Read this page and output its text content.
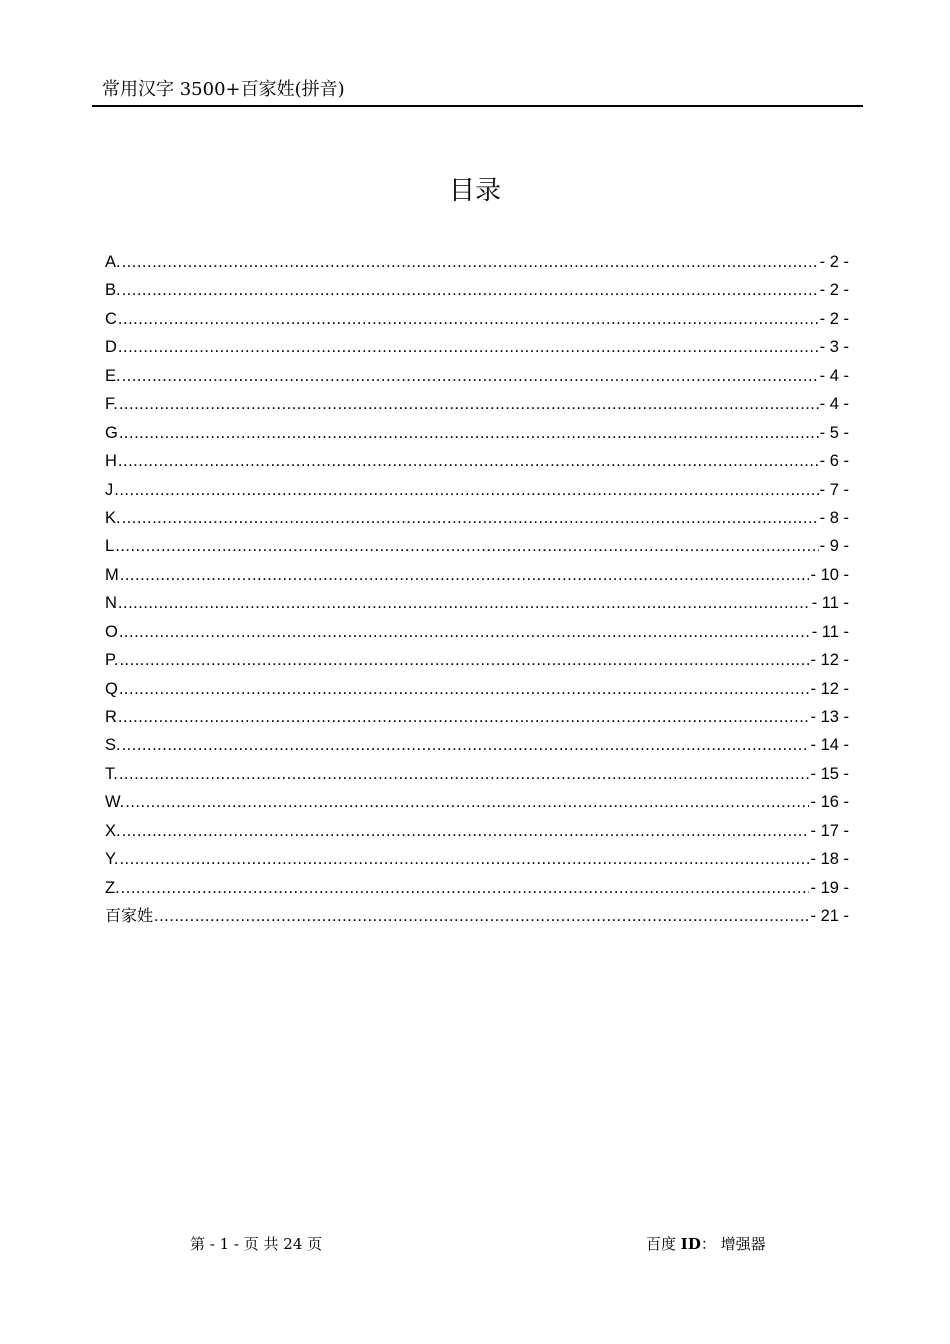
常用汉字 3500+百家姓(拼音)
目录
A. .....	- 2 -
B. .....	- 2 -
C .....	- 2 -
D .....	- 3 -
E. .....	- 4 -
F. .....	- 4 -
G .....	- 5 -
H .....	- 6 -
J .....	- 7 -
K. .....	- 8 -
L .....	- 9 -
M .....	- 10 -
N .....	- 11 -
O .....	- 11 -
P. .....	- 12 -
Q .....	- 12 -
R .....	- 13 -
S. .....	- 14 -
T. .....	- 15 -
W. .....	- 16 -
X. .....	- 17 -
Y. .....	- 18 -
Z. .....	- 19 -
百家姓 .....	- 21 -
第 - 1 - 页 共 24 页	百度 ID： 增强器
